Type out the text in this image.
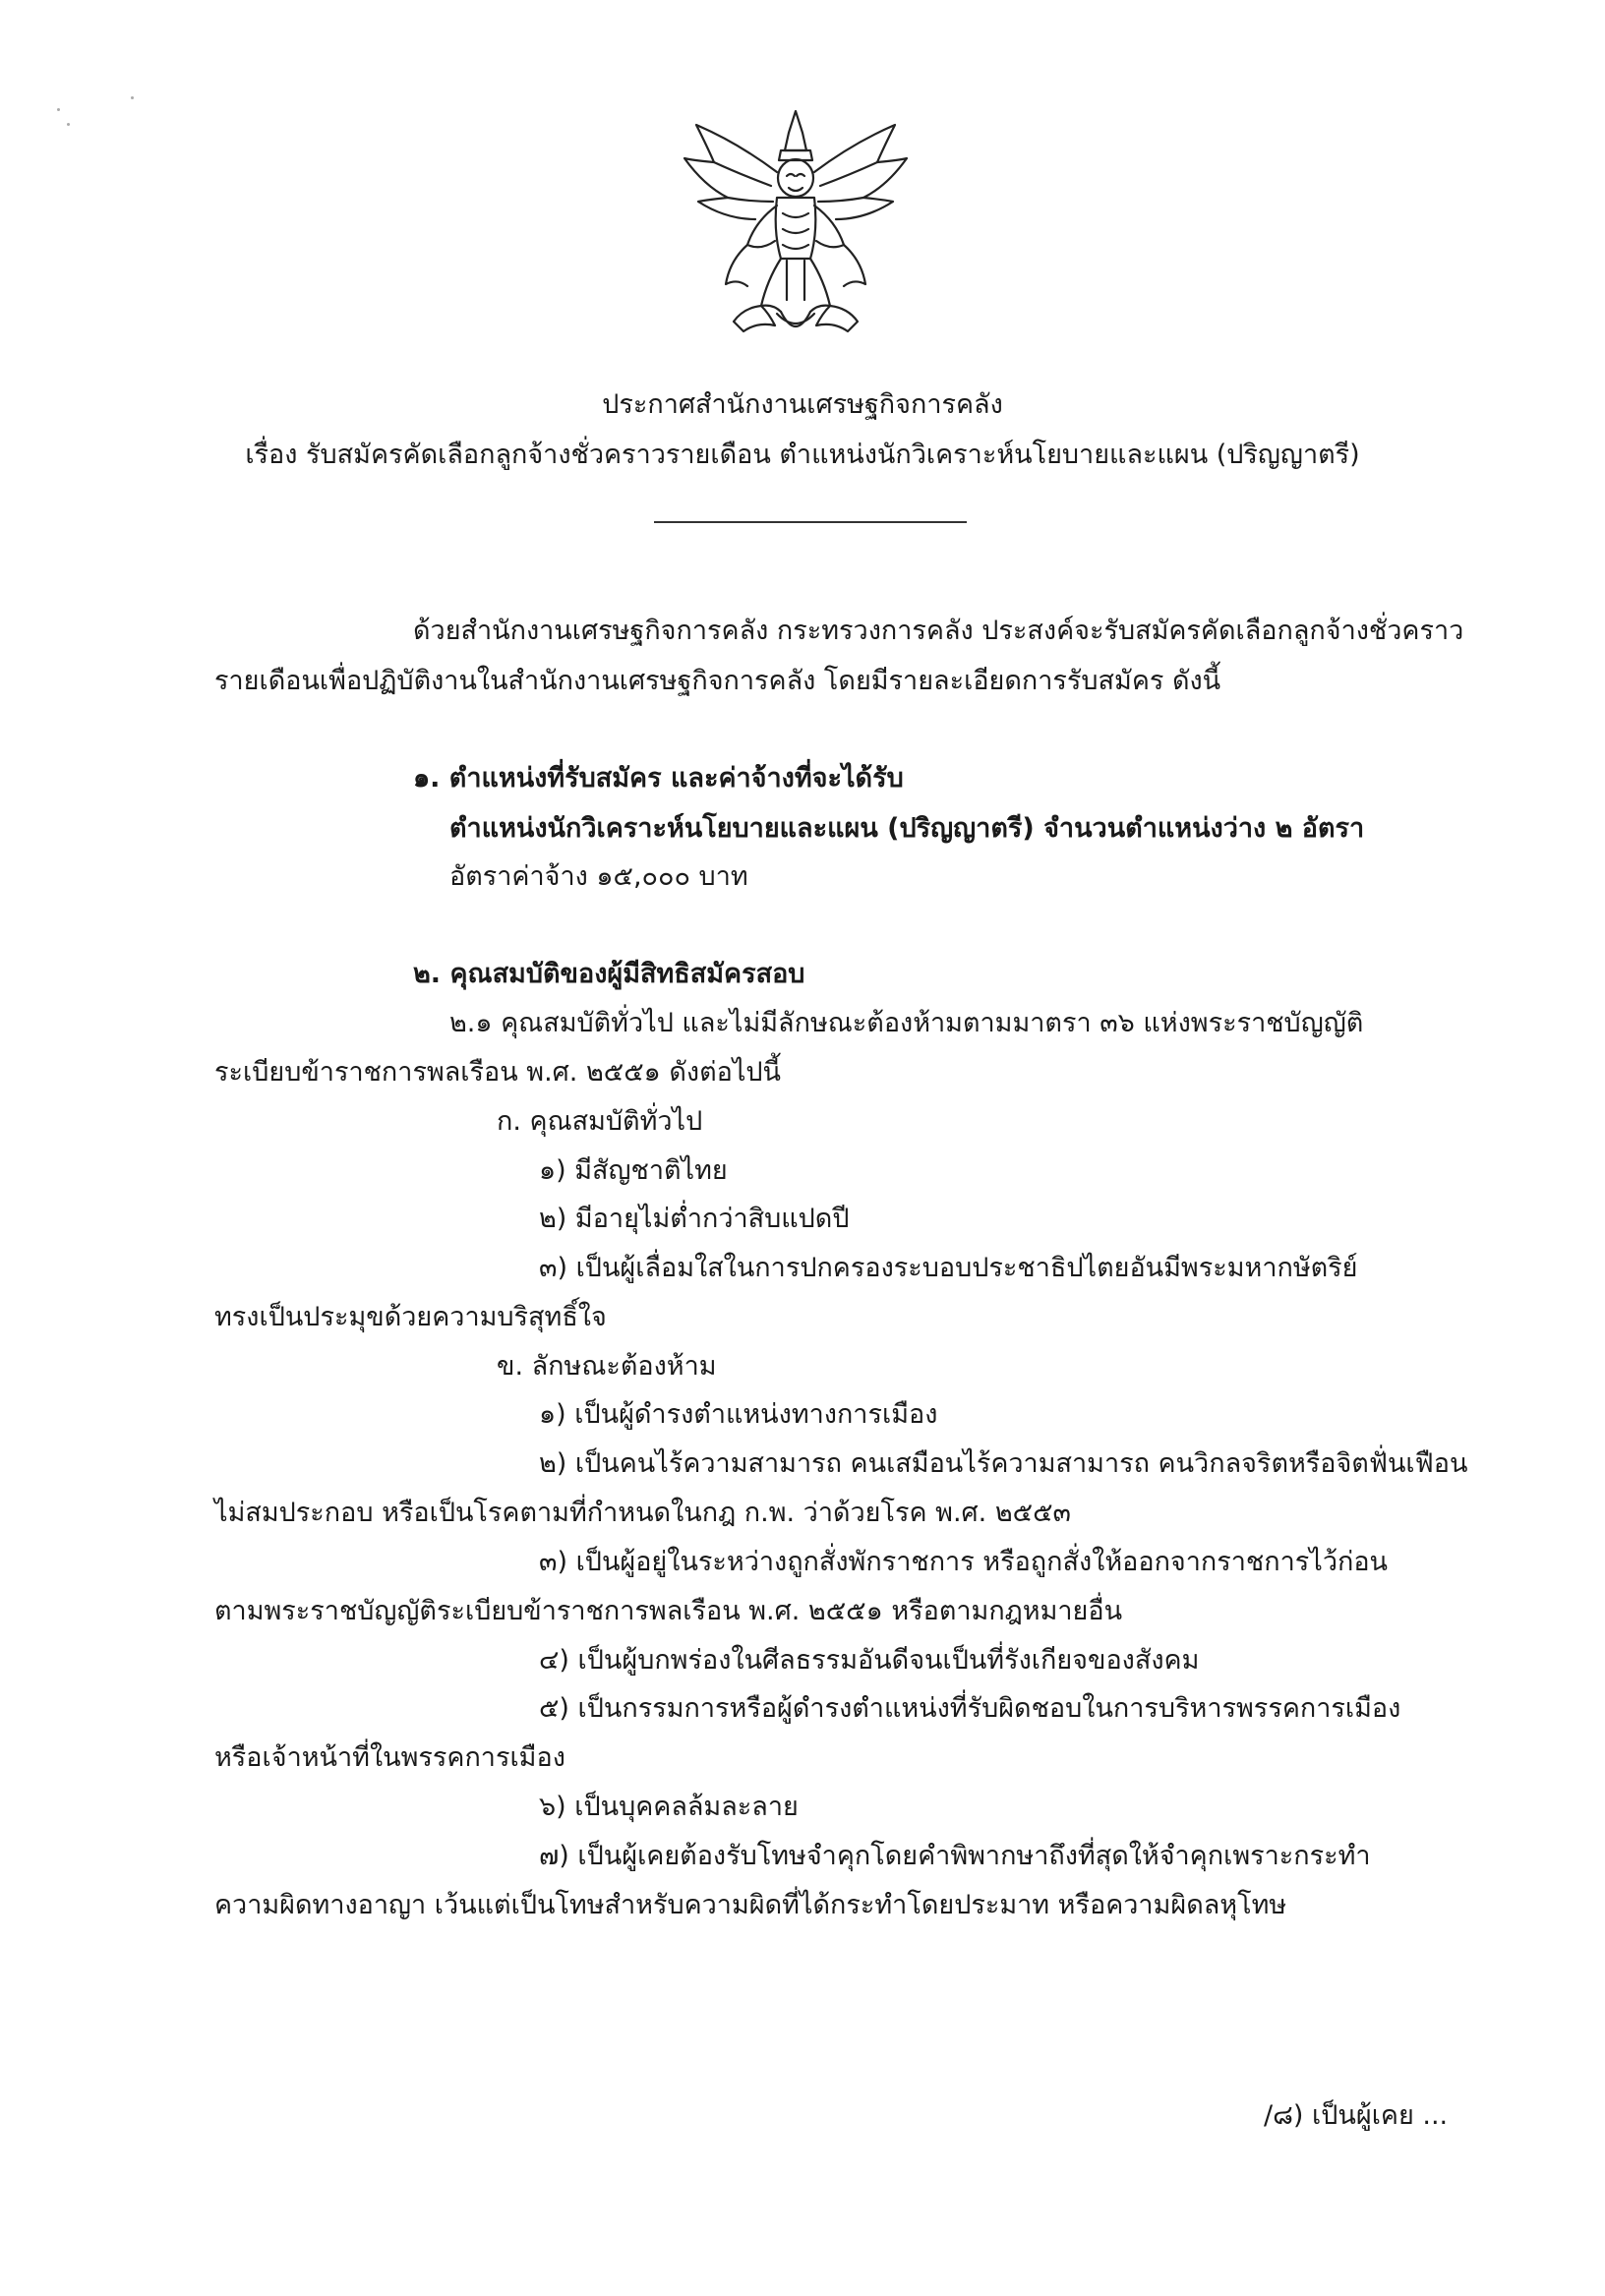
ประกาศสำนักงานเศรษฐกิจการคลัง
เรื่อง รับสมัครคัดเลือกลูกจ้างชั่วคราวรายเดือน ตำแหน่งนักวิเคราะห์นโยบายและแผน (ปริญญาตรี)
ด้วยสำนักงานเศรษฐกิจการคลัง กระทรวงการคลัง ประสงค์จะรับสมัครคัดเลือกลูกจ้างชั่วคราว
รายเดือนเพื่อปฏิบัติงานในสำนักงานเศรษฐกิจการคลัง โดยมีรายละเอียดการรับสมัคร ดังนี้
๑. ตำแหน่งที่รับสมัคร และค่าจ้างที่จะได้รับ
ตำแหน่งนักวิเคราะห์นโยบายและแผน (ปริญญาตรี) จำนวนตำแหน่งว่าง ๒ อัตรา
อัตราค่าจ้าง ๑๕,๐๐๐ บาท
๒. คุณสมบัติของผู้มีสิทธิสมัครสอบ
๒.๑ คุณสมบัติทั่วไป และไม่มีลักษณะต้องห้ามตามมาตรา ๓๖ แห่งพระราชบัญญัติ
ระเบียบข้าราชการพลเรือน พ.ศ. ๒๕๕๑ ดังต่อไปนี้
ก. คุณสมบัติทั่วไป
๑) มีสัญชาติไทย
๒) มีอายุไม่ต่ำกว่าสิบแปดปี
๓) เป็นผู้เลื่อมใสในการปกครองระบอบประชาธิปไตยอันมีพระมหากษัตริย์
ทรงเป็นประมุขด้วยความบริสุทธิ์ใจ
ข. ลักษณะต้องห้าม
๑) เป็นผู้ดำรงตำแหน่งทางการเมือง
๒) เป็นคนไร้ความสามารถ คนเสมือนไร้ความสามารถ คนวิกลจริตหรือจิตฟั่นเฟือน
ไม่สมประกอบ หรือเป็นโรคตามที่กำหนดในกฎ ก.พ. ว่าด้วยโรค พ.ศ. ๒๕๕๓
๓) เป็นผู้อยู่ในระหว่างถูกสั่งพักราชการ หรือถูกสั่งให้ออกจากราชการไว้ก่อน
ตามพระราชบัญญัติระเบียบข้าราชการพลเรือน พ.ศ. ๒๕๕๑ หรือตามกฎหมายอื่น
๔) เป็นผู้บกพร่องในศีลธรรมอันดีจนเป็นที่รังเกียจของสังคม
๕) เป็นกรรมการหรือผู้ดำรงตำแหน่งที่รับผิดชอบในการบริหารพรรคการเมือง
หรือเจ้าหน้าที่ในพรรคการเมือง
๖) เป็นบุคคลล้มละลาย
๗) เป็นผู้เคยต้องรับโทษจำคุกโดยคำพิพากษาถึงที่สุดให้จำคุกเพราะกระทำ
ความผิดทางอาญา เว้นแต่เป็นโทษสำหรับความผิดที่ได้กระทำโดยประมาท หรือความผิดลหุโทษ
/๘) เป็นผู้เคย ...
